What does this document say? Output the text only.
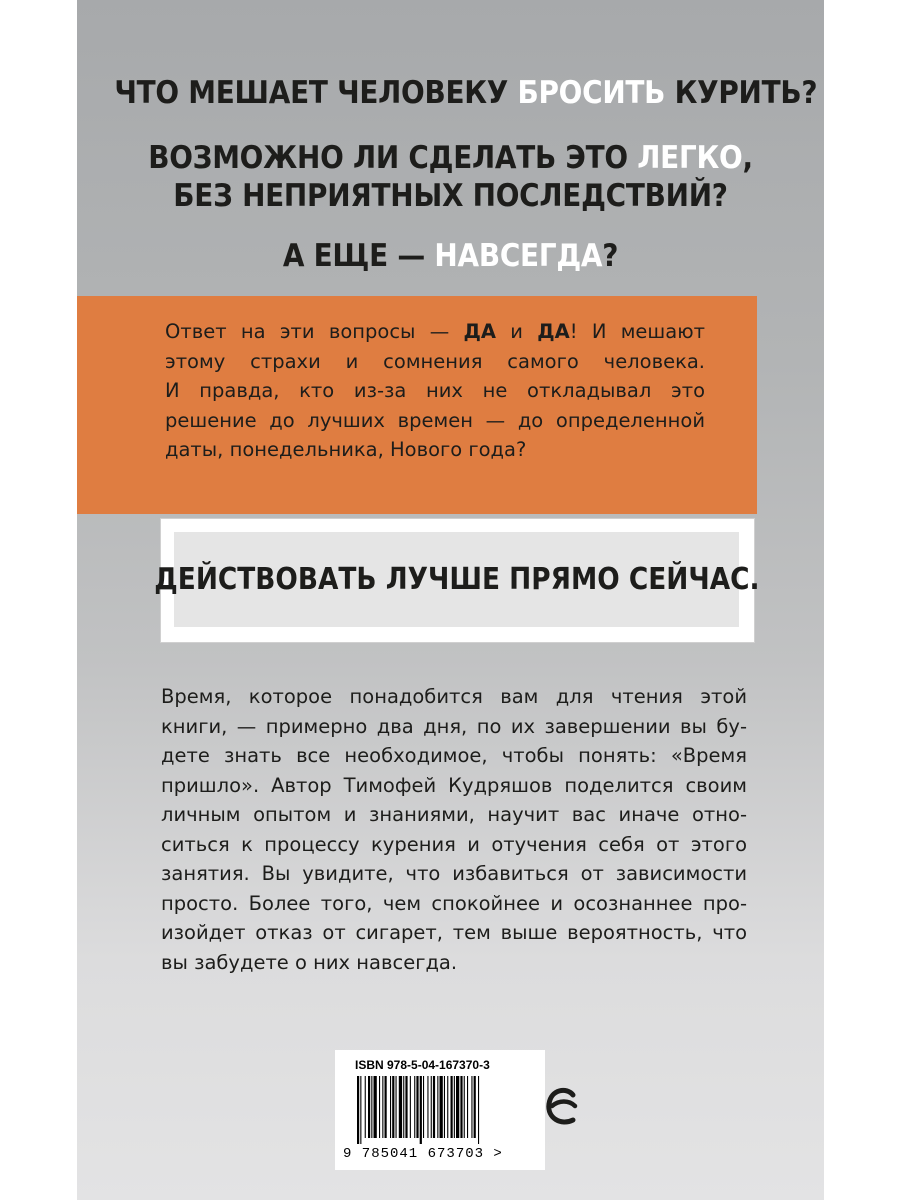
ЧТО МЕШАЕТ ЧЕЛОВЕКУ БРОСИТЬ КУРИТЬ?
ВОЗМОЖНО ЛИ СДЕЛАТЬ ЭТО ЛЕГКО,
БЕЗ НЕПРИЯТНЫХ ПОСЛЕДСТВИЙ?
А ЕЩЕ — НАВСЕГДА?
Ответ на эти вопросы — ДА и ДА! И мешают
этому страхи и сомнения самого человека.
И правда, кто из-за них не откладывал это
решение до лучших времен — до определенной
даты, понедельника, Нового года?
ДЕЙСТВОВАТЬ ЛУЧШЕ ПРЯМО СЕЙЧАС.
Время, которое понадобится вам для чтения этой
книги, — примерно два дня, по их завершении вы бу-
дете знать все необходимое, чтобы понять: «Время
пришло». Автор Тимофей Кудряшов поделится своим
личным опытом и знаниями, научит вас иначе отно-
ситься к процессу курения и отучения себя от этого
занятия. Вы увидите, что избавиться от зависимости
просто. Более того, чем спокойнее и осознаннее про-
изойдет отказ от сигарет, тем выше вероятность, что
вы забудете о них навсегда.
ISBN 978-5-04-167370-3
9 785041 673703 >
